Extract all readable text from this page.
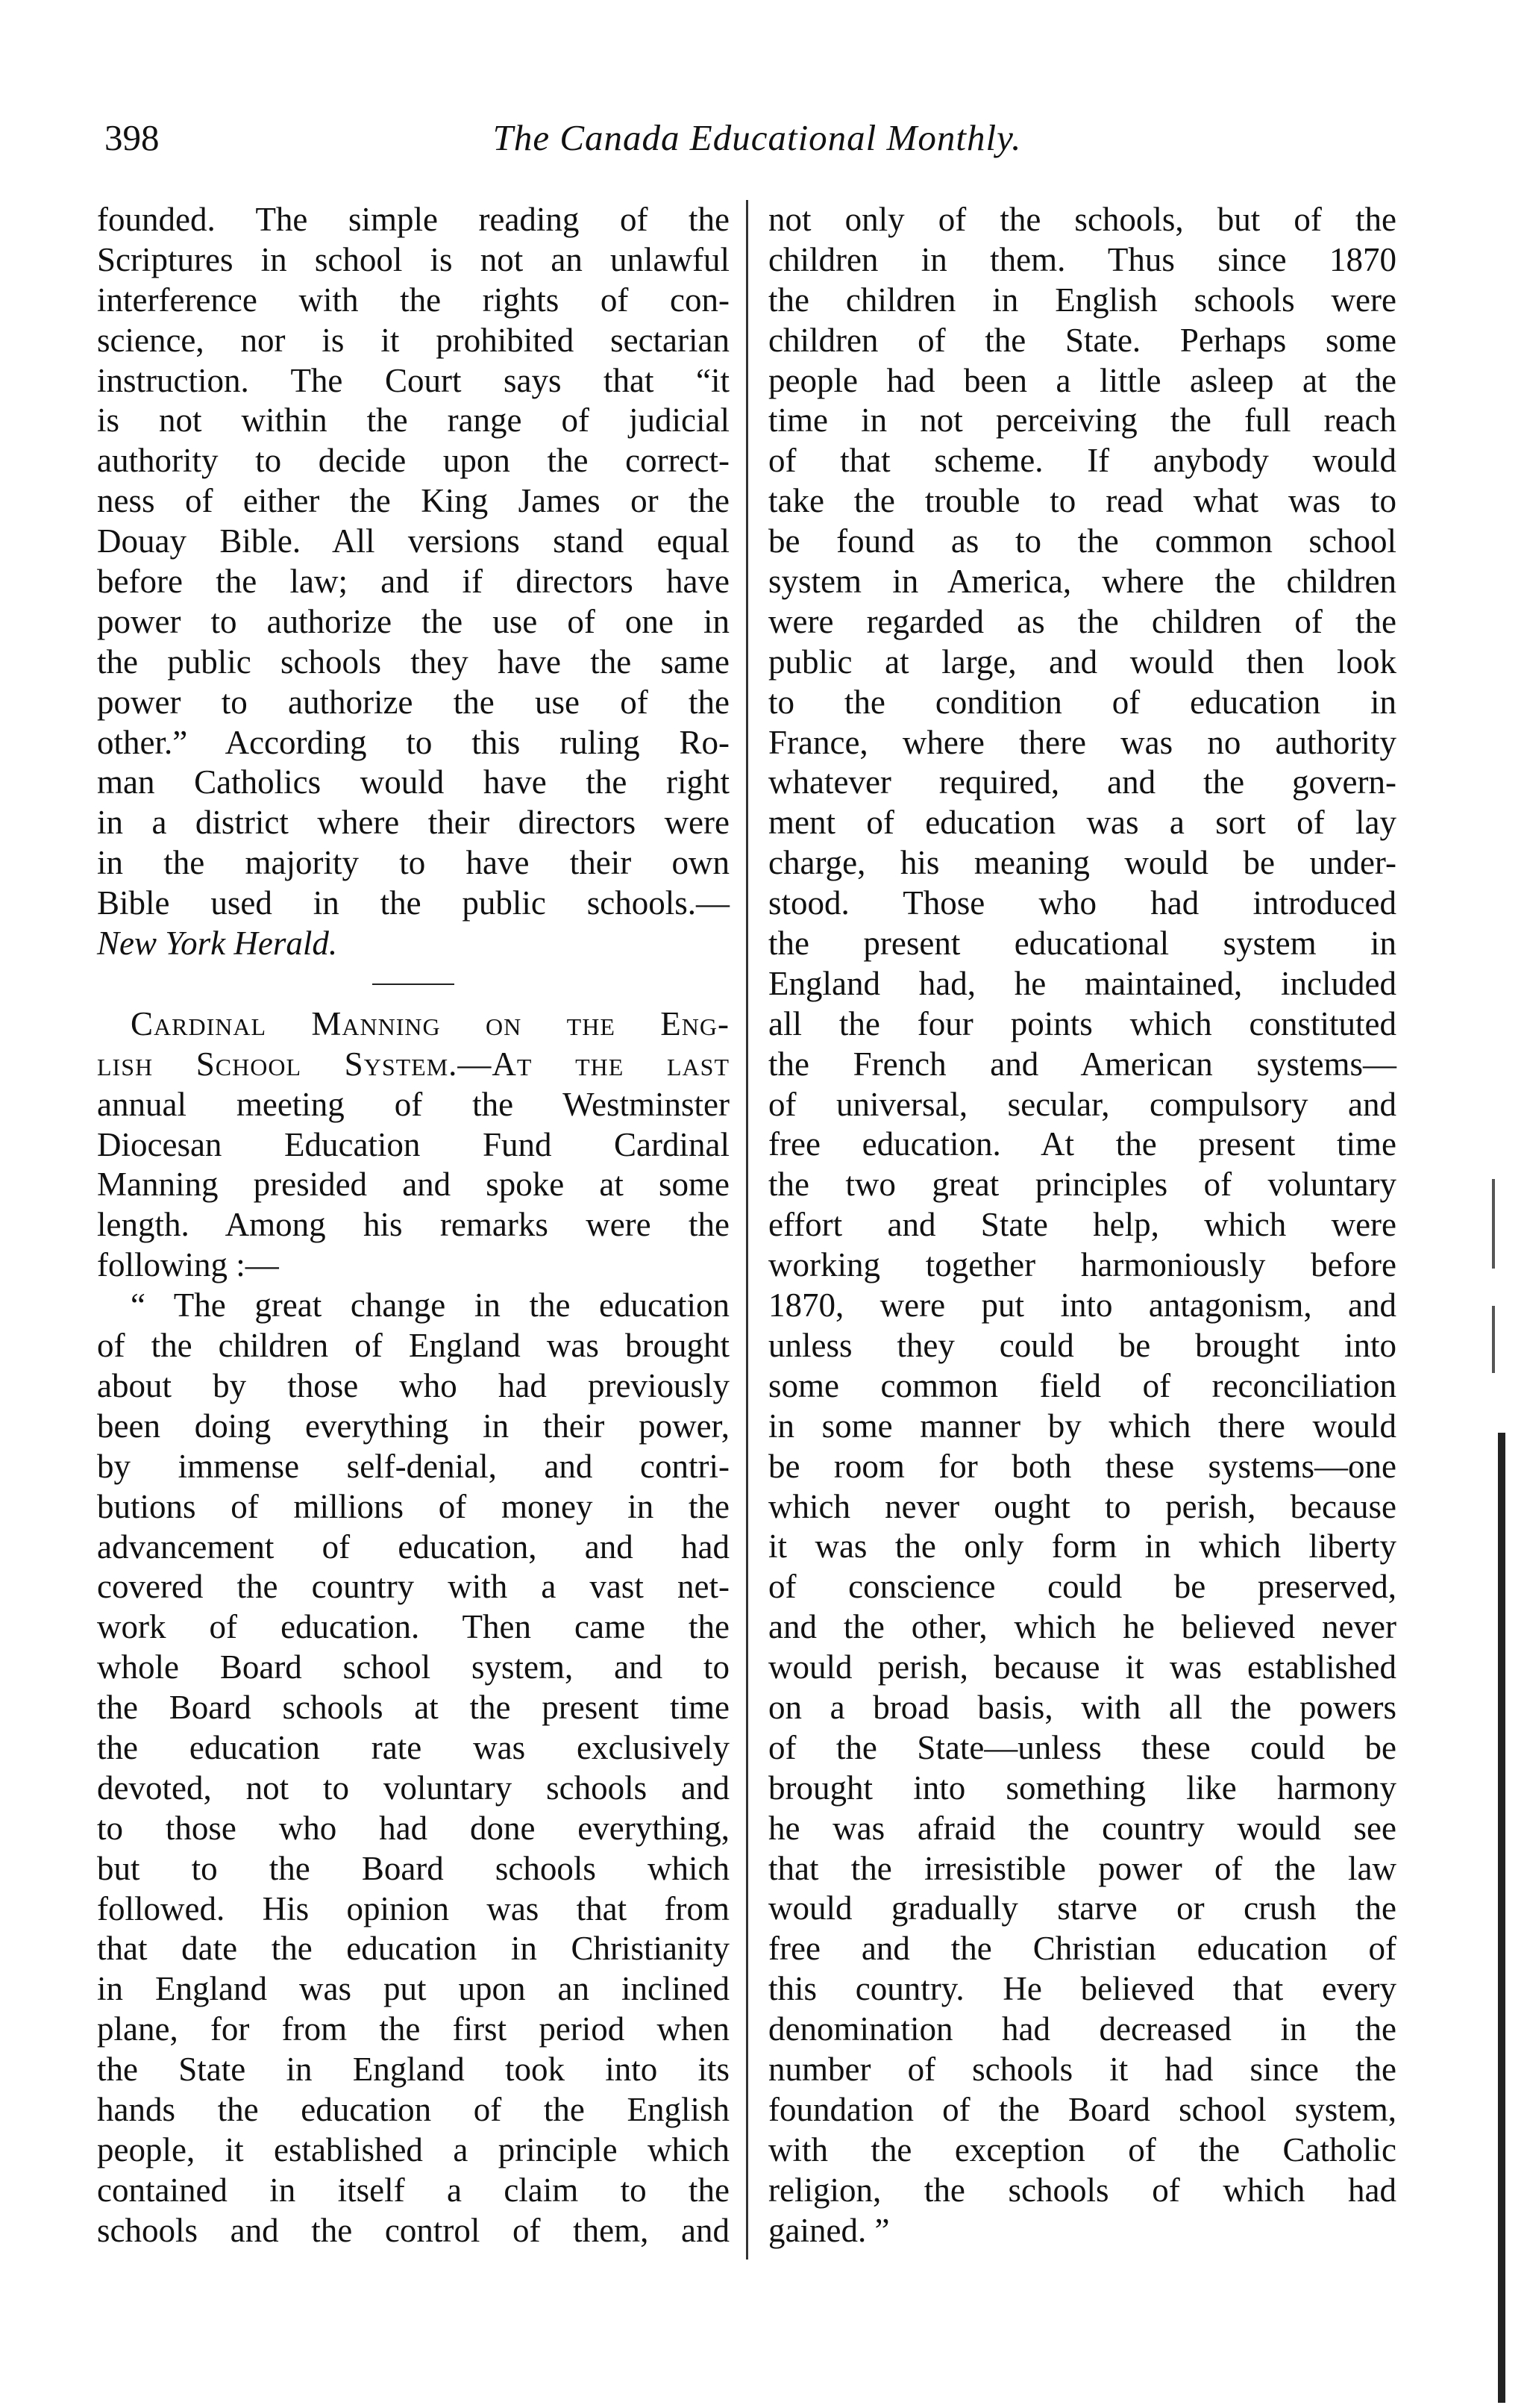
398	The Canada Educational Monthly.
founded. The simple reading of the
Scriptures in school is not an unlawful
interference with the rights of con-
science, nor is it prohibited sectarian
instruction. The Court says that “it
is not within the range of judicial
authority to decide upon the correct-
ness of either the King James or the
Douay Bible. All versions stand equal
before the law; and if directors have
power to authorize the use of one in
the public schools they have the same
power to authorize the use of the
other.” According to this ruling Ro-
man Catholics would have the right
in a district where their directors were
in the majority to have their own
Bible used in the public schools.—
New York Herald.
Cardinal Manning on the Eng-
lish School System.—At the last
annual meeting of the Westminster
Diocesan Education Fund Cardinal
Manning presided and spoke at some
length. Among his remarks were the
following :—
“ The great change in the education
of the children of England was brought
about by those who had previously
been doing everything in their power,
by immense self-denial, and contri-
butions of millions of money in the
advancement of education, and had
covered the country with a vast net-
work of education. Then came the
whole Board school system, and to
the Board schools at the present time
the education rate was exclusively
devoted, not to voluntary schools and
to those who had done everything,
but to the Board schools which
followed. His opinion was that from
that date the education in Christianity
in England was put upon an inclined
plane, for from the first period when
the State in England took into its
hands the education of the English
people, it established a principle which
contained in itself a claim to the
schools and the control of them, and
not only of the schools, but of the
children in them. Thus since 1870
the children in English schools were
children of the State. Perhaps some
people had been a little asleep at the
time in not perceiving the full reach
of that scheme. If anybody would
take the trouble to read what was to
be found as to the common school
system in America, where the children
were regarded as the children of the
public at large, and would then look
to the condition of education in
France, where there was no authority
whatever required, and the govern-
ment of education was a sort of lay
charge, his meaning would be under-
stood. Those who had introduced
the present educational system in
England had, he maintained, included
all the four points which constituted
the French and American systems—
of universal, secular, compulsory and
free education. At the present time
the two great principles of voluntary
effort and State help, which were
working together harmoniously before
1870, were put into antagonism, and
unless they could be brought into
some common field of reconciliation
in some manner by which there would
be room for both these systems—one
which never ought to perish, because
it was the only form in which liberty
of conscience could be preserved,
and the other, which he believed never
would perish, because it was established
on a broad basis, with all the powers
of the State—unless these could be
brought into something like harmony
he was afraid the country would see
that the irresistible power of the law
would gradually starve or crush the
free and the Christian education of
this country. He believed that every
denomination had decreased in the
number of schools it had since the
foundation of the Board school system,
with the exception of the Catholic
religion, the schools of which had
gained. ”
